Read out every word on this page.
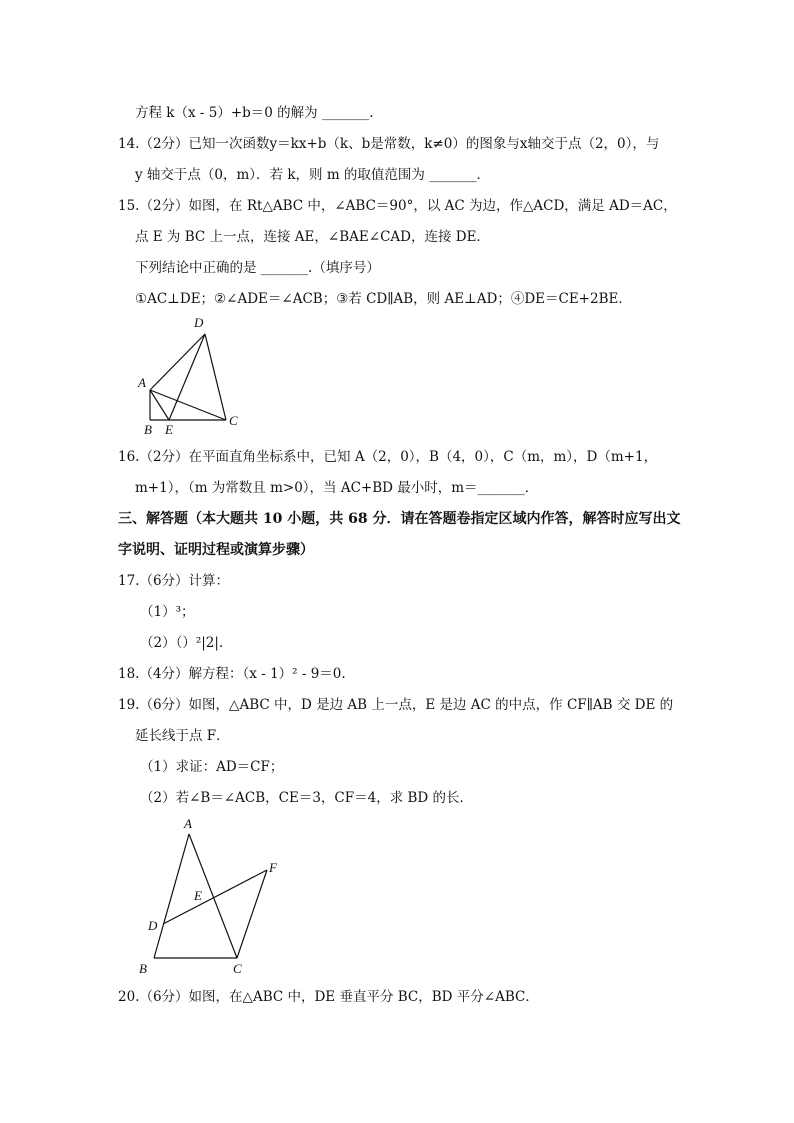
方程 k（x - 5）+b＝0 的解为 _______.
14.（2分）已知一次函数y＝kx+b（k、b是常数，k≠0）的图象与x轴交于点（2，0），与
y 轴交于点（0，m）．若 k，则 m 的取值范围为 _______．
15.（2分）如图，在 Rt△ABC 中，∠ABC＝90°，以 AC 为边，作△ACD，满足 AD＝AC，
点 E 为 BC 上一点，连接 AE，∠BAE∠CAD，连接 DE．
下列结论中正确的是 _______.（填序号）
①AC⊥DE；②∠ADE＝∠ACB；③若 CD∥AB，则 AE⊥AD；④DE＝CE+2BE．
D
A
B E
C
16.（2分）在平面直角坐标系中，已知 A（2，0），B（4，0），C（m，m），D（m+1，
m+1），（m 为常数且 m>0），当 AC+BD 最小时，m＝_______．
三、解答题（本大题共 10 小题，共 68 分．请在答题卷指定区域内作答，解答时应写出文
字说明、证明过程或演算步骤）
17.（6分）计算：
（1）³；
（2）（）²|2|.
18.（4分）解方程：（x - 1）² - 9＝0.
19.（6分）如图，△ABC 中，D 是边 AB 上一点，E 是边 AC 的中点，作 CF∥AB 交 DE 的
延长线于点 F．
（1）求证：AD＝CF；
（2）若∠B＝∠ACB，CE＝3，CF＝4，求 BD 的长．
A
F
E
D
B	C
20.（6分）如图，在△ABC 中，DE 垂直平分 BC，BD 平分∠ABC．
